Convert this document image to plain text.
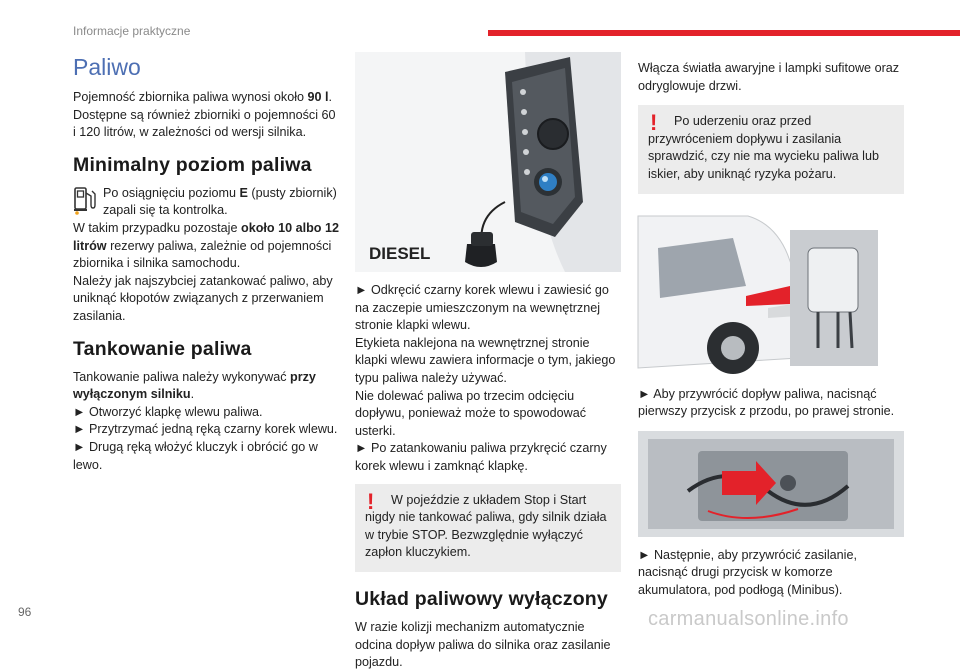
Informacje praktyczne
Paliwo

Pojemność zbiornika paliwa wynosi około 90 l. Dostępne są również zbiorniki o pojemności 60 i 120 litrów, w zależności od wersji silnika.

Minimalny poziom paliwa

Po osiągnięciu poziomu E (pusty zbiornik) zapali się ta kontrolka.

W takim przypadku pozostaje około 10 albo 12 litrów rezerwy paliwa, zależnie od pojemności zbiornika i silnika samochodu.

Należy jak najszybciej zatankować paliwo, aby uniknąć kłopotów związanych z przerwaniem zasilania.

Tankowanie paliwa

Tankowanie paliwa należy wykonywać przy wyłączonym silniku.

► Otworzyć klapkę wlewu paliwa.

► Przytrzymać jedną ręką czarny korek wlewu.

► Drugą ręką włożyć kluczyk i obrócić go w lewo.

DIESEL

► Odkręcić czarny korek wlewu i zawiesić go na zaczepie umieszczonym na wewnętrznej stronie klapki wlewu.

Etykieta naklejona na wewnętrznej stronie klapki wlewu zawiera informacje o tym, jakiego typu paliwa należy używać.

Nie dolewać paliwa po trzecim odcięciu dopływu, ponieważ może to spowodować usterki.

► Po zatankowaniu paliwa przykręcić czarny korek wlewu i zamknąć klapkę.

!	W pojeździe z układem Stop i Start nigdy nie tankować paliwa, gdy silnik działa w trybie STOP. Bezwzględnie wyłączyć zapłon kluczykiem.

Układ paliwowy wyłączony

W razie kolizji mechanizm automatycznie odcina dopływ paliwa do silnika oraz zasilanie pojazdu.

Włącza światła awaryjne i lampki sufitowe oraz odryglowuje drzwi.

!	Po uderzeniu oraz przed przywróceniem dopływu i zasilania sprawdzić, czy nie ma wycieku paliwa lub iskier, aby uniknąć ryzyka pożaru.

► Aby przywrócić dopływ paliwa, nacisnąć pierwszy przycisk z przodu, po prawej stronie.

► Następnie, aby przywrócić zasilanie, nacisnąć drugi przycisk w komorze akumulatora, pod podłogą (Minibus).

96	carmanualsonline.info
